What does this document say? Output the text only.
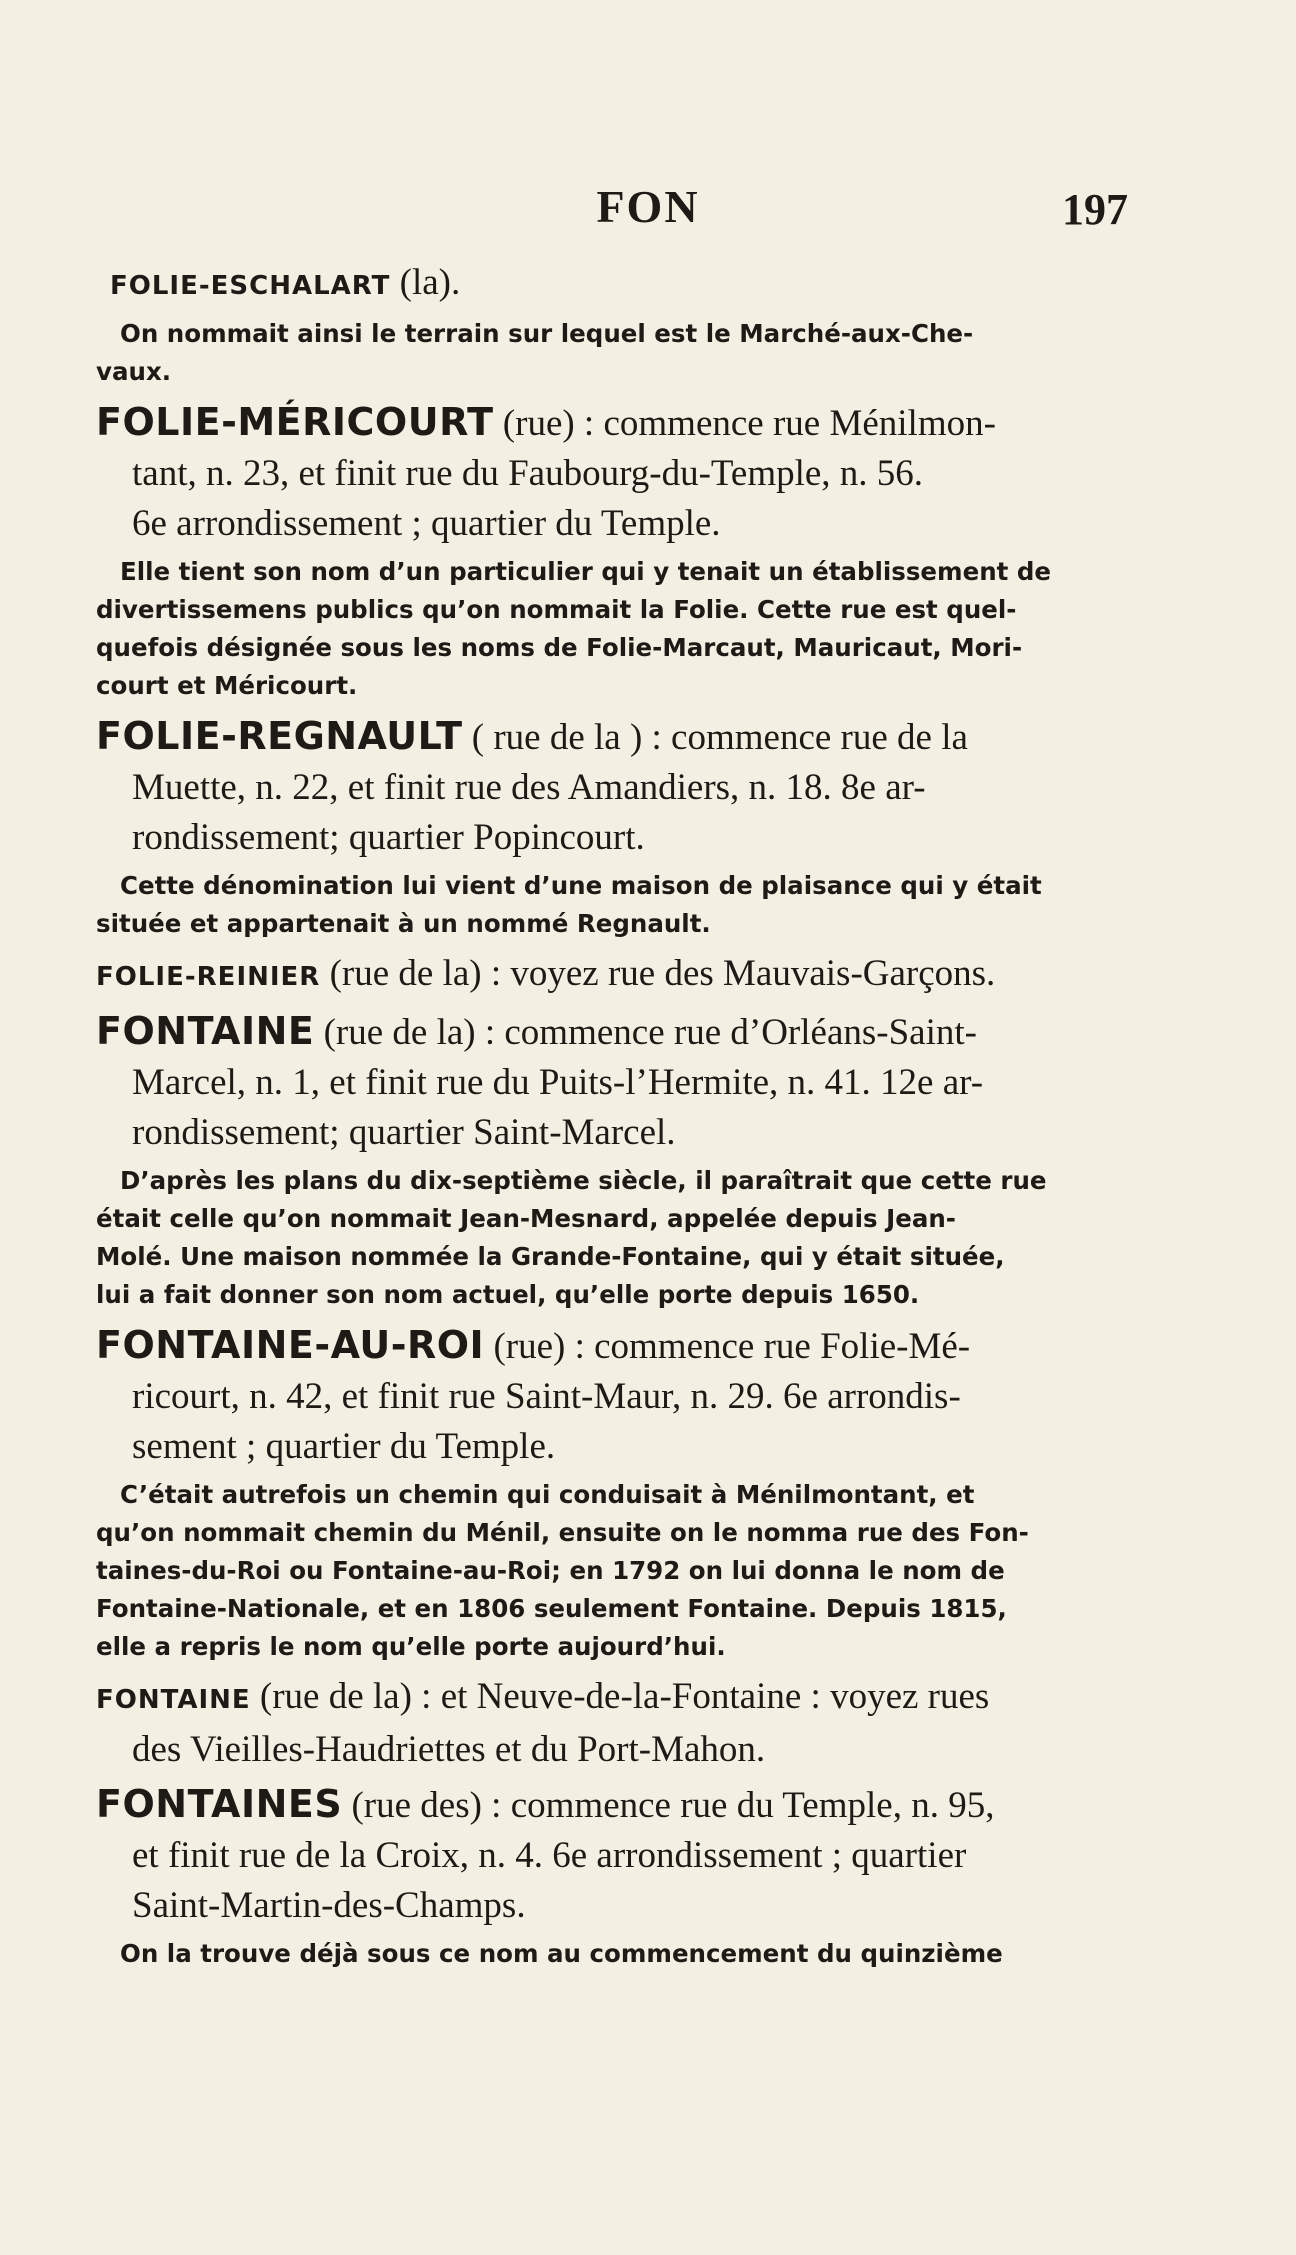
FON	197
FOLIE-ESCHALART (la).
On nommait ainsi le terrain sur lequel est le Marché-aux-Che-
vaux.
FOLIE-MÉRICOURT (rue) : commence rue Ménilmon-
tant, n. 23, et finit rue du Faubourg-du-Temple, n. 56.
6e arrondissement ; quartier du Temple.
Elle tient son nom d’un particulier qui y tenait un établissement de
divertissemens publics qu’on nommait la Folie. Cette rue est quel-
quefois désignée sous les noms de Folie-Marcaut, Mauricaut, Mori-
court et Méricourt.
FOLIE-REGNAULT ( rue de la ) : commence rue de la
Muette, n. 22, et finit rue des Amandiers, n. 18. 8e ar-
rondissement; quartier Popincourt.
Cette dénomination lui vient d’une maison de plaisance qui y était
située et appartenait à un nommé Regnault.
FOLIE-REINIER (rue de la) : voyez rue des Mauvais-Garçons.
FONTAINE (rue de la) : commence rue d’Orléans-Saint-
Marcel, n. 1, et finit rue du Puits-l’Hermite, n. 41. 12e ar-
rondissement; quartier Saint-Marcel.
D’après les plans du dix-septième siècle, il paraîtrait que cette rue
était celle qu’on nommait Jean-Mesnard, appelée depuis Jean-
Molé. Une maison nommée la Grande-Fontaine, qui y était située,
lui a fait donner son nom actuel, qu’elle porte depuis 1650.
FONTAINE-AU-ROI (rue) : commence rue Folie-Mé-
ricourt, n. 42, et finit rue Saint-Maur, n. 29. 6e arrondis-
sement ; quartier du Temple.
C’était autrefois un chemin qui conduisait à Ménilmontant, et
qu’on nommait chemin du Ménil, ensuite on le nomma rue des Fon-
taines-du-Roi ou Fontaine-au-Roi; en 1792 on lui donna le nom de
Fontaine-Nationale, et en 1806 seulement Fontaine. Depuis 1815,
elle a repris le nom qu’elle porte aujourd’hui.
FONTAINE (rue de la) : et Neuve-de-la-Fontaine : voyez rues
des Vieilles-Haudriettes et du Port-Mahon.
FONTAINES (rue des) : commence rue du Temple, n. 95,
et finit rue de la Croix, n. 4. 6e arrondissement ; quartier
Saint-Martin-des-Champs.
On la trouve déjà sous ce nom au commencement du quinzième
